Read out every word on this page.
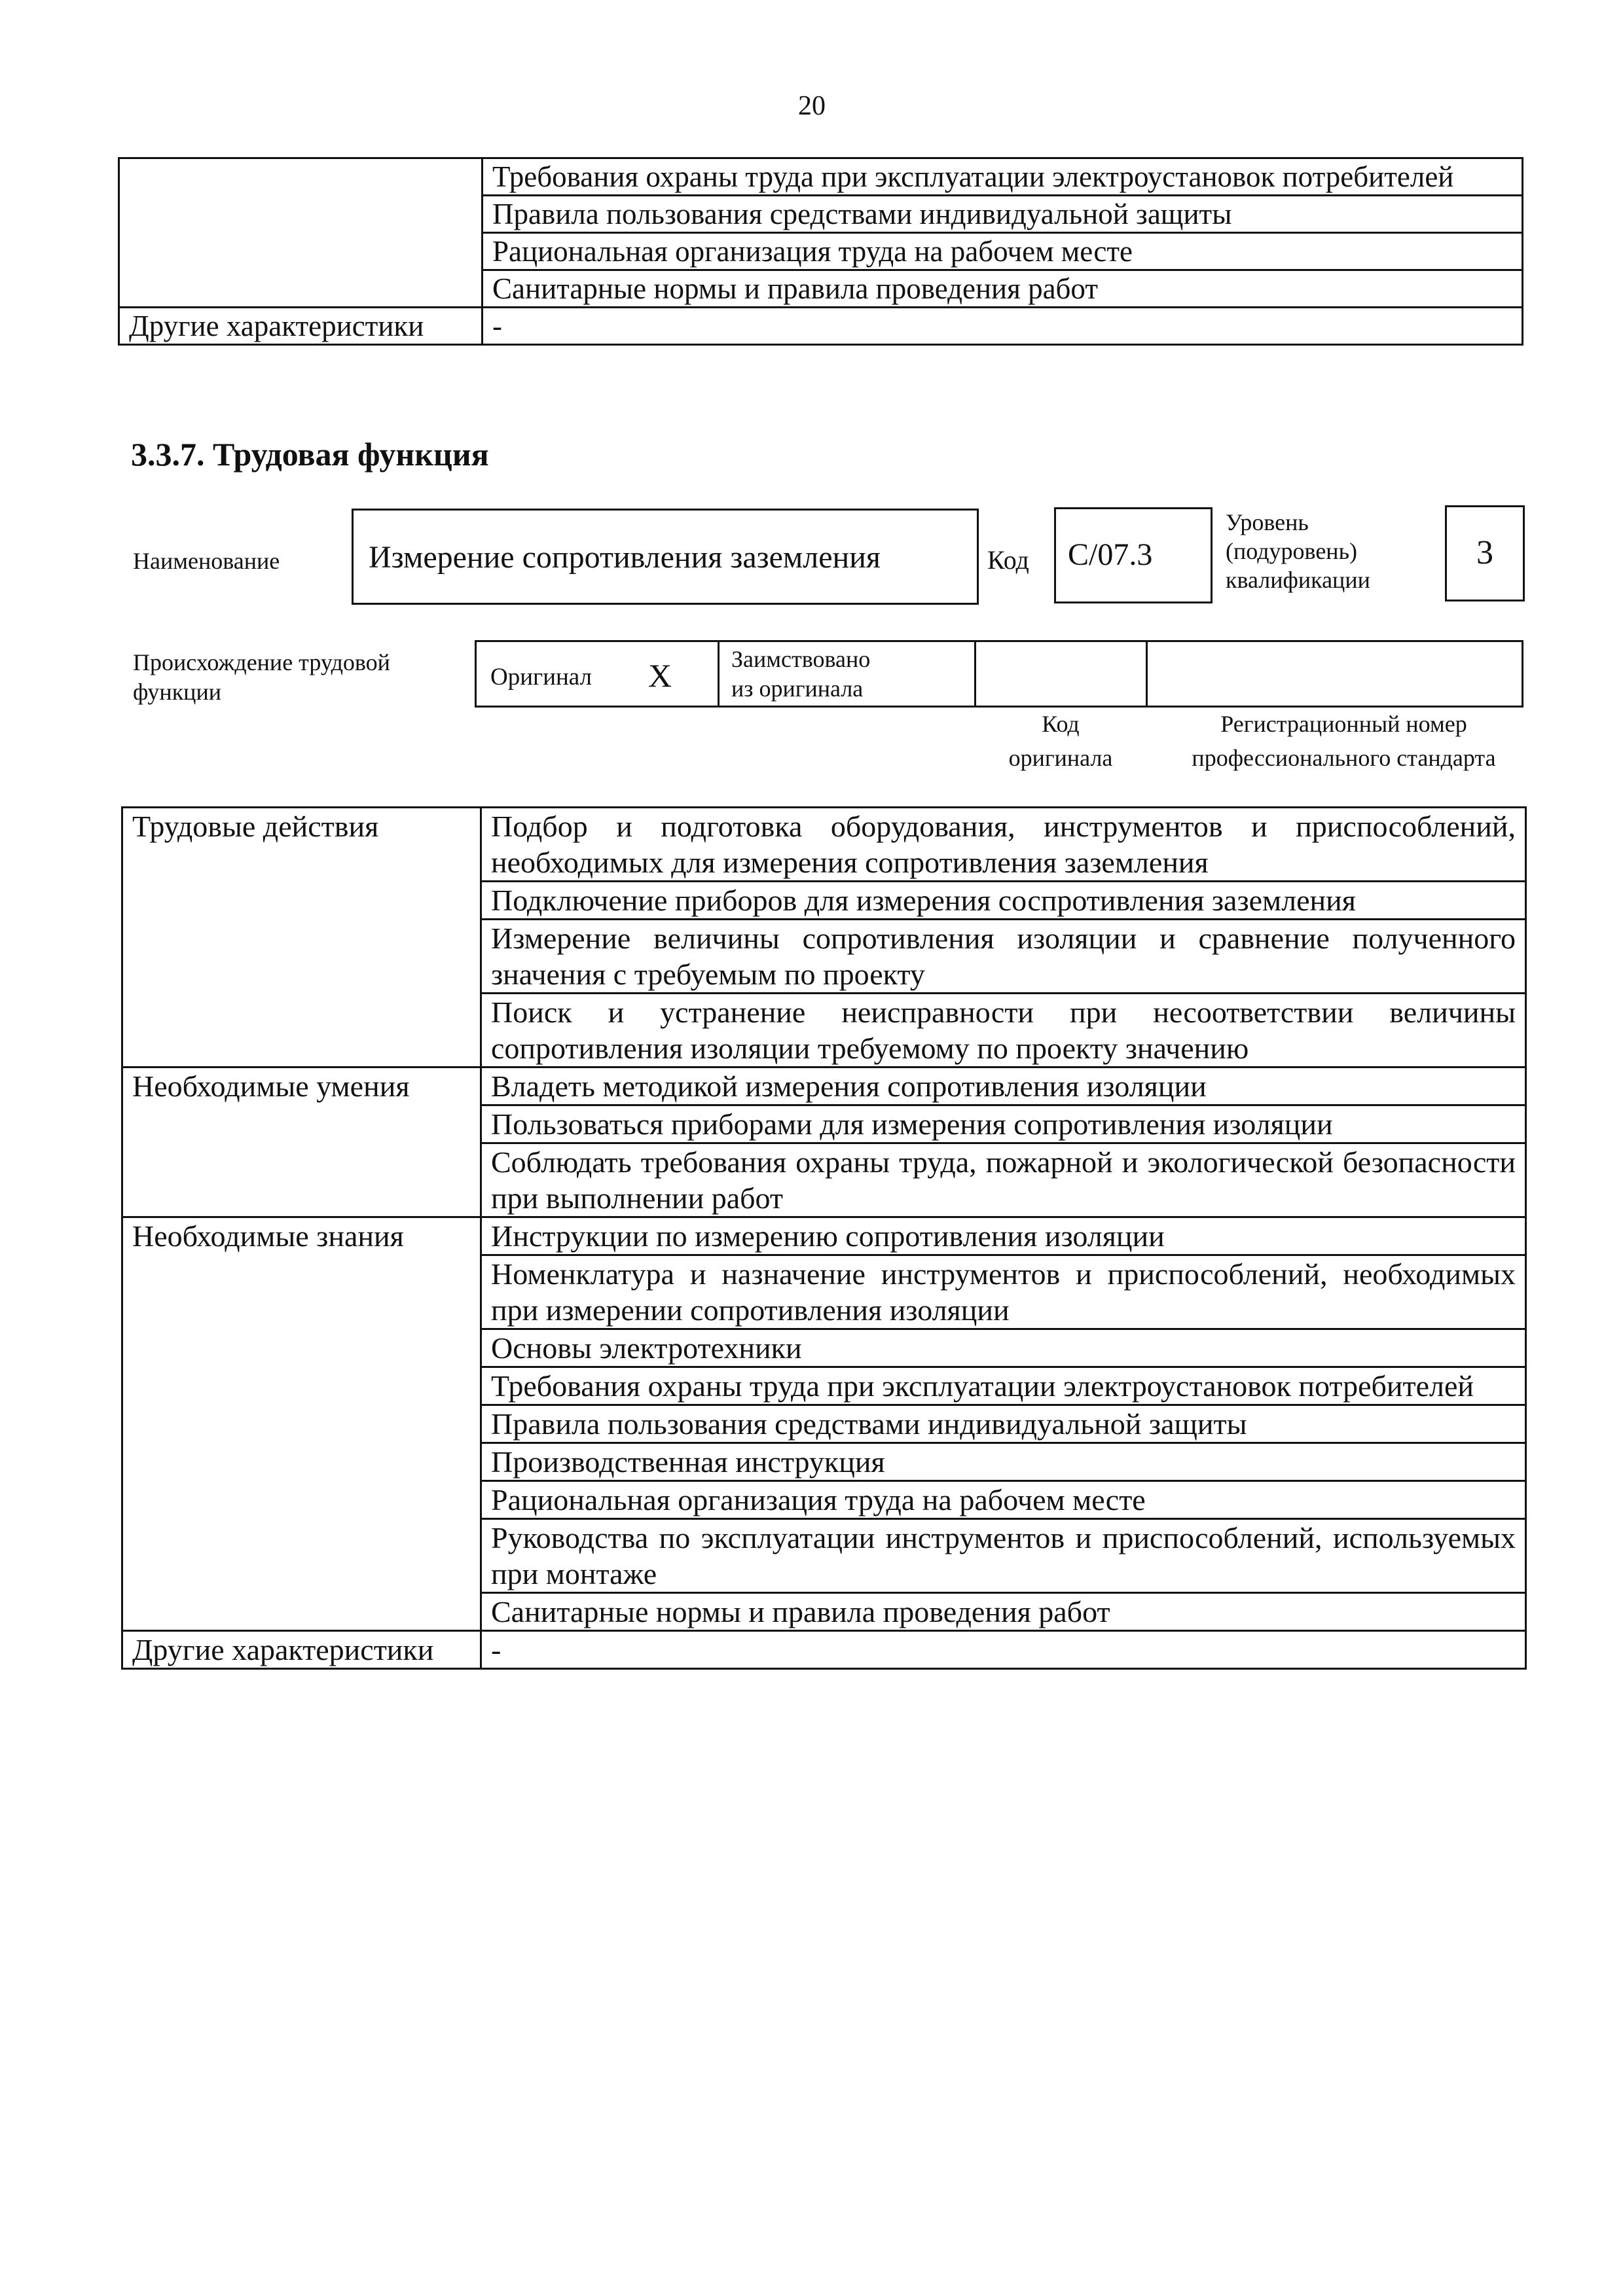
20
	Требования охраны труда при эксплуатации электроустановок потребителей
	Правила пользования средствами индивидуальной защиты
	Рациональная организация труда на рабочем месте
	Санитарные нормы и правила проведения работ
Другие характеристики	-
3.3.7. Трудовая функция
Наименование	Измерение сопротивления заземления	Код C/07.3
Уровень
(подуровень)
квалификации
3
Происхождение трудовой
функции

Оригинал X	Заимствовано
из оригинала
Код
оригинала
Регистрационный номер
профессионального стандарта
Трудовые действия	Подбор и подготовка оборудования, инструментов и приспособлений, необходимых для измерения сопротивления заземления
	Подключение приборов для измерения соспротивления заземления
	Измерение величины сопротивления изоляции и сравнение полученного значения с требуемым по проекту
	Поиск и устранение неисправности при несоответствии величины сопротивления изоляции требуемому по проекту значению
Необходимые умения	Владеть методикой измерения сопротивления изоляции
	Пользоваться приборами для измерения сопротивления изоляции
	Соблюдать требования охраны труда, пожарной и экологической безопасности при выполнении работ
Необходимые знания	Инструкции по измерению сопротивления изоляции
	Номенклатура и назначение инструментов и приспособлений, необходимых при измерении сопротивления изоляции
	Основы электротехники
	Требования охраны труда при эксплуатации электроустановок потребителей
	Правила пользования средствами индивидуальной защиты
	Производственная инструкция
	Рациональная организация труда на рабочем месте
	Руководства по эксплуатации инструментов и приспособлений, используемых при монтаже
	Санитарные нормы и правила проведения работ
Другие характеристики	-
